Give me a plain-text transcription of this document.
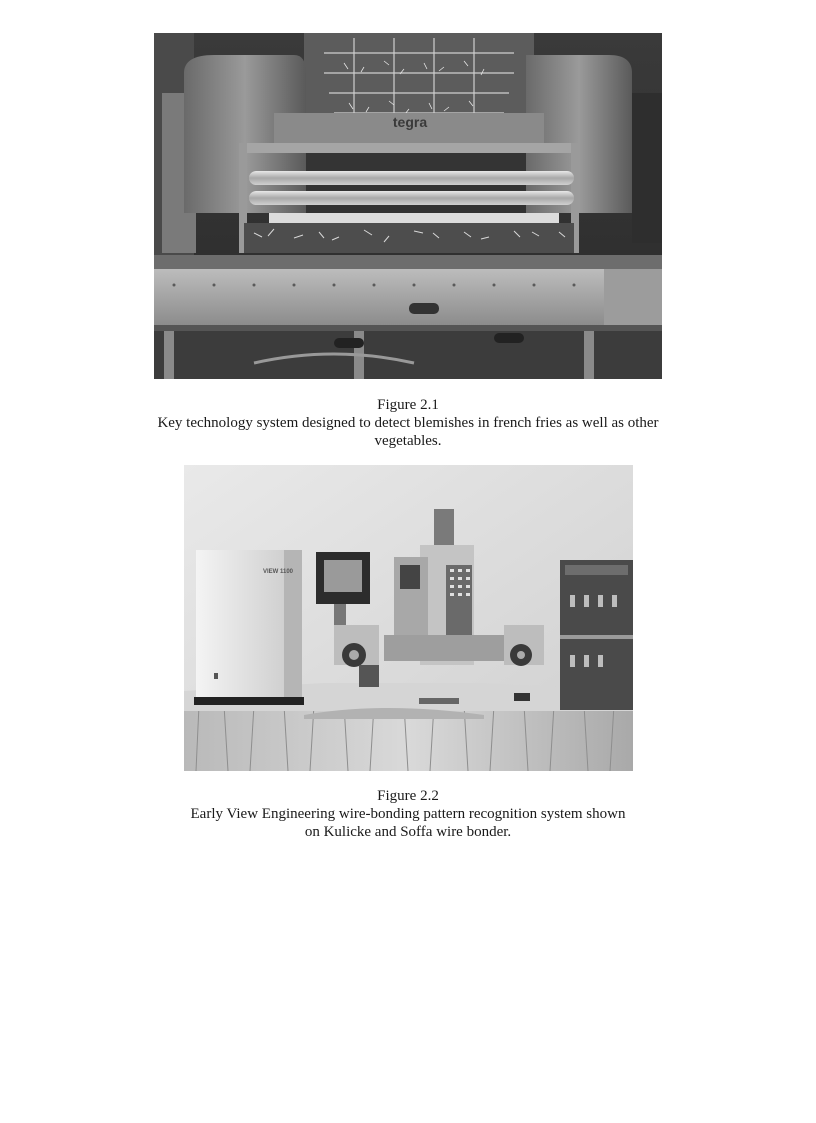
tegra
Figure 2.1
Key technology system designed to detect blemishes in french fries as well as other
vegetables.
VIEW 1100
Figure 2.2
Early View Engineering wire-bonding pattern recognition system shown
on Kulicke and Soffa wire bonder.
